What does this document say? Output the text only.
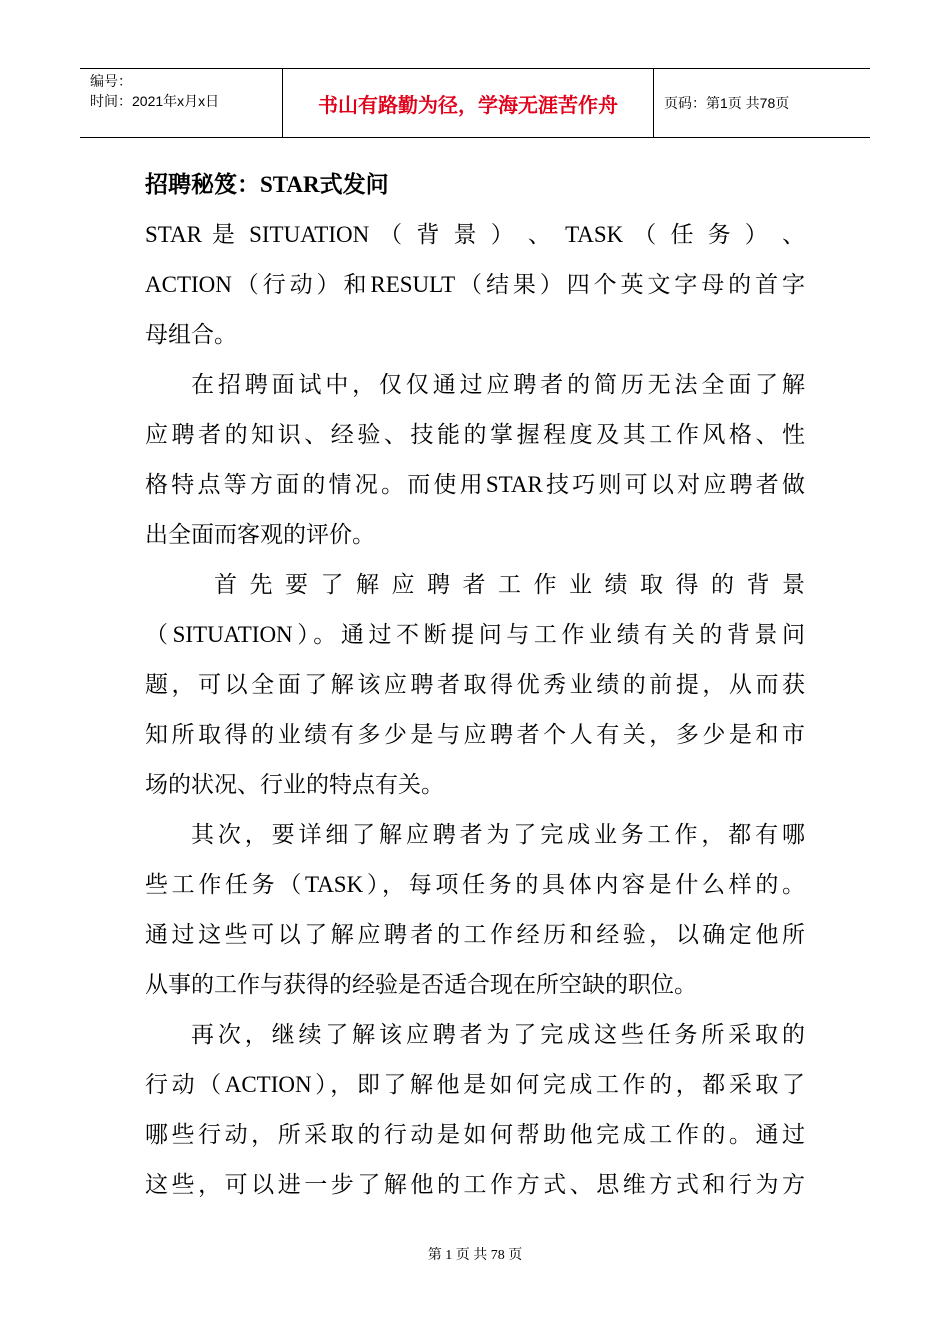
编号：
时间：2021年x月x日	书山有路勤为径，学海无涯苦作舟	页码：第1页 共78页

招聘秘笈：STAR式发问

STAR 是 SITUATION （ 背 景 ） 、 TASK （ 任 务 ） 、
ACTION（行动）和RESULT（结果）四个英文字母的首字
母组合。

在招聘面试中，仅仅通过应聘者的简历无法全面了解
应聘者的知识、经验、技能的掌握程度及其工作风格、性
格特点等方面的情况。而使用STAR技巧则可以对应聘者做
出全面而客观的评价。

首先要了解应聘者工作业绩取得的背景
（SITUATION）。通过不断提问与工作业绩有关的背景问
题，可以全面了解该应聘者取得优秀业绩的前提，从而获
知所取得的业绩有多少是与应聘者个人有关，多少是和市
场的状况、行业的特点有关。

其次，要详细了解应聘者为了完成业务工作，都有哪
些工作任务（TASK），每项任务的具体内容是什么样的。
通过这些可以了解应聘者的工作经历和经验，以确定他所
从事的工作与获得的经验是否适合现在所空缺的职位。

再次，继续了解该应聘者为了完成这些任务所采取的
行动（ACTION），即了解他是如何完成工作的，都采取了
哪些行动，所采取的行动是如何帮助他完成工作的。通过
这些，可以进一步了解他的工作方式、思维方式和行为方

第 1 页 共 78 页
